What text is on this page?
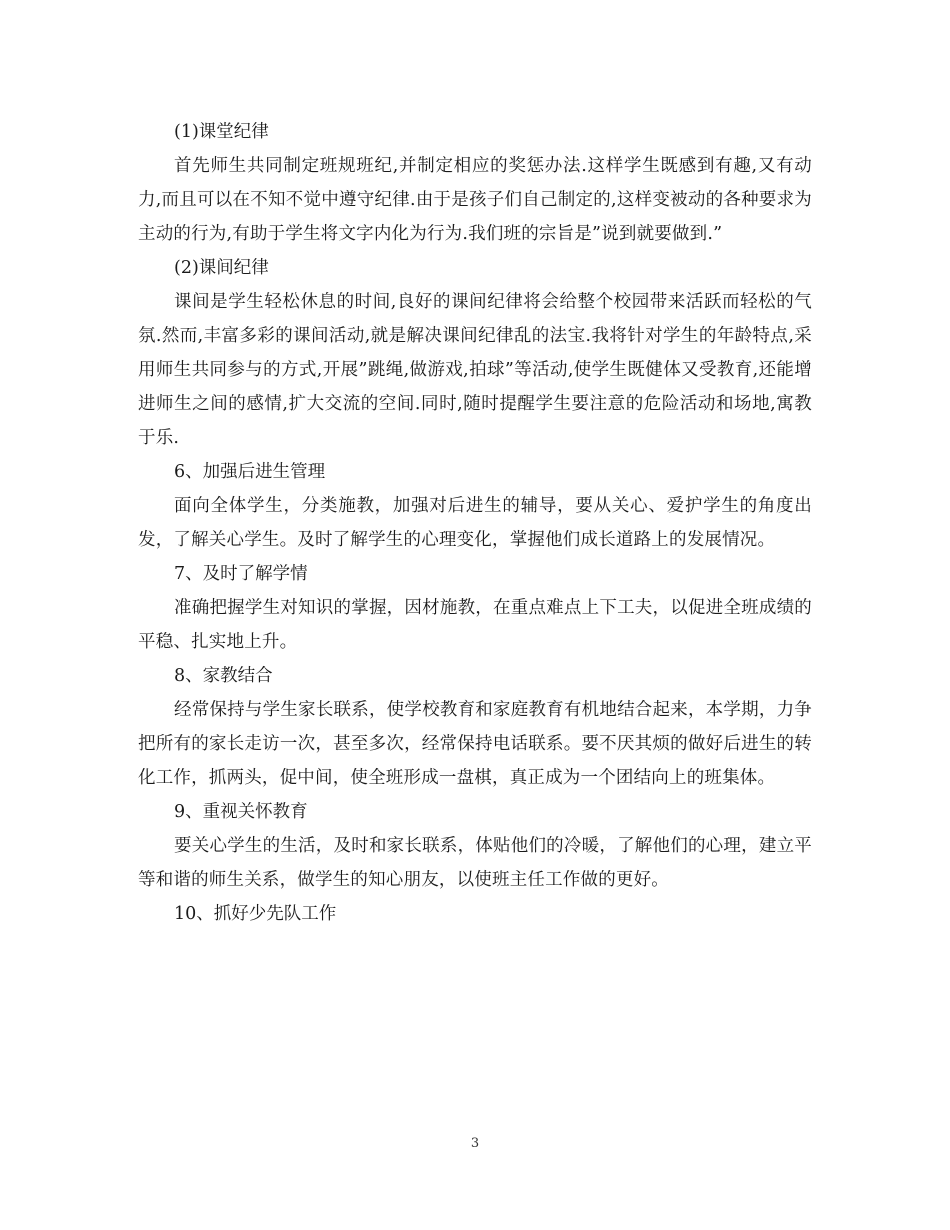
(1)课堂纪律

首先师生共同制定班规班纪,并制定相应的奖惩办法.这样学生既感到有趣,又有动力,而且可以在不知不觉中遵守纪律.由于是孩子们自己制定的,这样变被动的各种要求为主动的行为,有助于学生将文字内化为行为.我们班的宗旨是”说到就要做到.”

(2)课间纪律

课间是学生轻松休息的时间,良好的课间纪律将会给整个校园带来活跃而轻松的气氛.然而,丰富多彩的课间活动,就是解决课间纪律乱的法宝.我将针对学生的年龄特点,采用师生共同参与的方式,开展”跳绳,做游戏,拍球”等活动,使学生既健体又受教育,还能增进师生之间的感情,扩大交流的空间.同时,随时提醒学生要注意的危险活动和场地,寓教于乐.

6、加强后进生管理

面向全体学生，分类施教，加强对后进生的辅导，要从关心、爱护学生的角度出发，了解关心学生。及时了解学生的心理变化，掌握他们成长道路上的发展情况。

7、及时了解学情

准确把握学生对知识的掌握，因材施教，在重点难点上下工夫，以促进全班成绩的平稳、扎实地上升。

8、家教结合

经常保持与学生家长联系，使学校教育和家庭教育有机地结合起来，本学期，力争把所有的家长走访一次，甚至多次，经常保持电话联系。要不厌其烦的做好后进生的转化工作，抓两头，促中间，使全班形成一盘棋，真正成为一个团结向上的班集体。

9、重视关怀教育

要关心学生的生活，及时和家长联系，体贴他们的冷暖，了解他们的心理，建立平等和谐的师生关系，做学生的知心朋友，以使班主任工作做的更好。

10、抓好少先队工作

3
